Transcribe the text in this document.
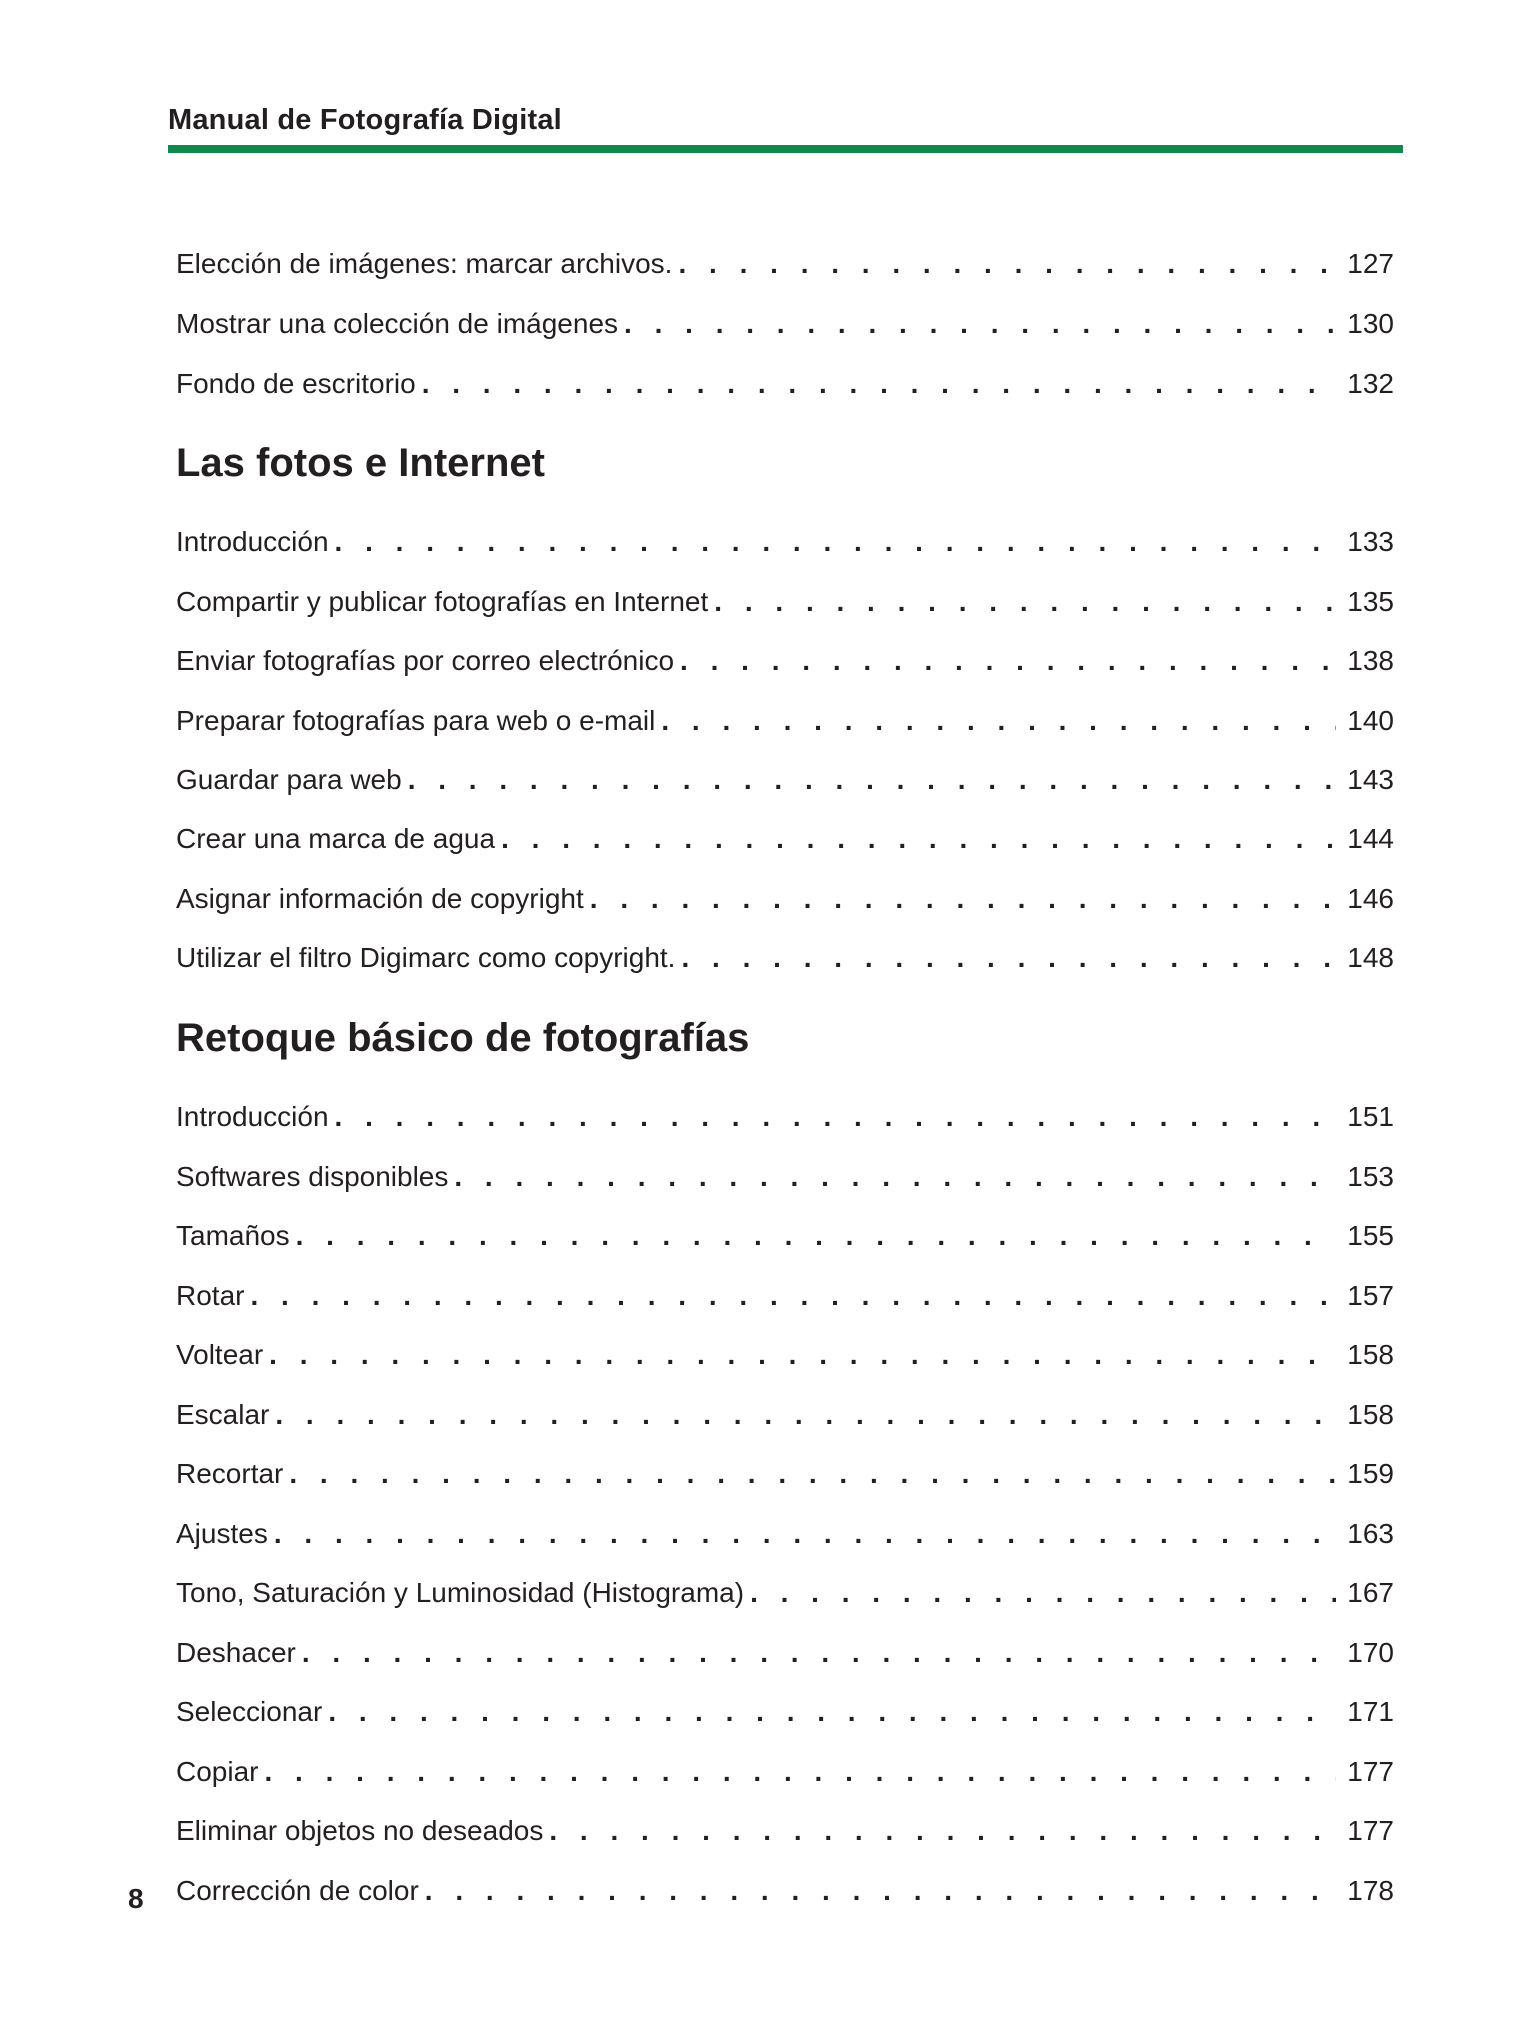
Manual de Fotografía Digital
Elección de imágenes: marcar archivos. . . .	127
Mostrar una colección de imágenes . . .	130
Fondo de escritorio . . .	132
Las fotos e Internet
Introducción . . .	133
Compartir y publicar fotografías en Internet . . .	135
Enviar fotografías por correo electrónico . . .	138
Preparar fotografías para web o e-mail . . .	140
Guardar para web . . .	143
Crear una marca de agua . . .	144
Asignar información de copyright . . .	146
Utilizar el filtro Digimarc como copyright. . . .	148
Retoque básico de fotografías
Introducción . . .	151
Softwares disponibles . . .	153
Tamaños . . .	155
Rotar . . .	157
Voltear . . .	158
Escalar . . .	158
Recortar . . .	159
Ajustes . . .	163
Tono, Saturación y Luminosidad (Histograma) . . .	167
Deshacer . . .	170
Seleccionar . . .	171
Copiar . . .	177
Eliminar objetos no deseados . . .	177
Corrección de color . . .	178
8
